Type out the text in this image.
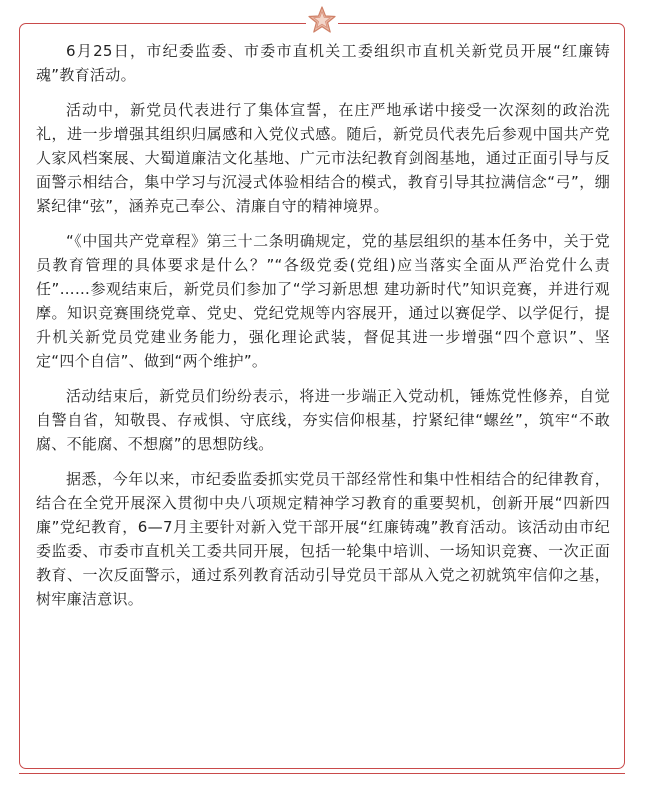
6月25日，市纪委监委、市委市直机关工委组织市直机关新党员开展“红廉铸魂”教育活动。

活动中，新党员代表进行了集体宣誓，在庄严地承诺中接受一次深刻的政治洗礼，进一步增强其组织归属感和入党仪式感。随后，新党员代表先后参观中国共产党人家风档案展、大蜀道廉洁文化基地、广元市法纪教育剑阁基地，通过正面引导与反面警示相结合，集中学习与沉浸式体验相结合的模式，教育引导其拉满信念“弓”，绷紧纪律“弦”，涵养克己奉公、清廉自守的精神境界。

“《中国共产党章程》第三十二条明确规定，党的基层组织的基本任务中，关于党员教育管理的具体要求是什么？”“各级党委(党组)应当落实全面从严治党什么责任”……参观结束后，新党员们参加了“学习新思想 建功新时代”知识竞赛，并进行观摩。知识竞赛围绕党章、党史、党纪党规等内容展开，通过以赛促学、以学促行，提升机关新党员党建业务能力，强化理论武装，督促其进一步增强“四个意识”、坚定“四个自信”、做到“两个维护”。

活动结束后，新党员们纷纷表示，将进一步端正入党动机，锤炼党性修养，自觉自警自省，知敬畏、存戒惧、守底线，夯实信仰根基，拧紧纪律“螺丝”，筑牢“不敢腐、不能腐、不想腐”的思想防线。

据悉，今年以来，市纪委监委抓实党员干部经常性和集中性相结合的纪律教育，结合在全党开展深入贯彻中央八项规定精神学习教育的重要契机，创新开展“四新四廉”党纪教育，6—7月主要针对新入党干部开展“红廉铸魂”教育活动。该活动由市纪委监委、市委市直机关工委共同开展，包括一轮集中培训、一场知识竞赛、一次正面教育、一次反面警示，通过系列教育活动引导党员干部从入党之初就筑牢信仰之基，树牢廉洁意识。
